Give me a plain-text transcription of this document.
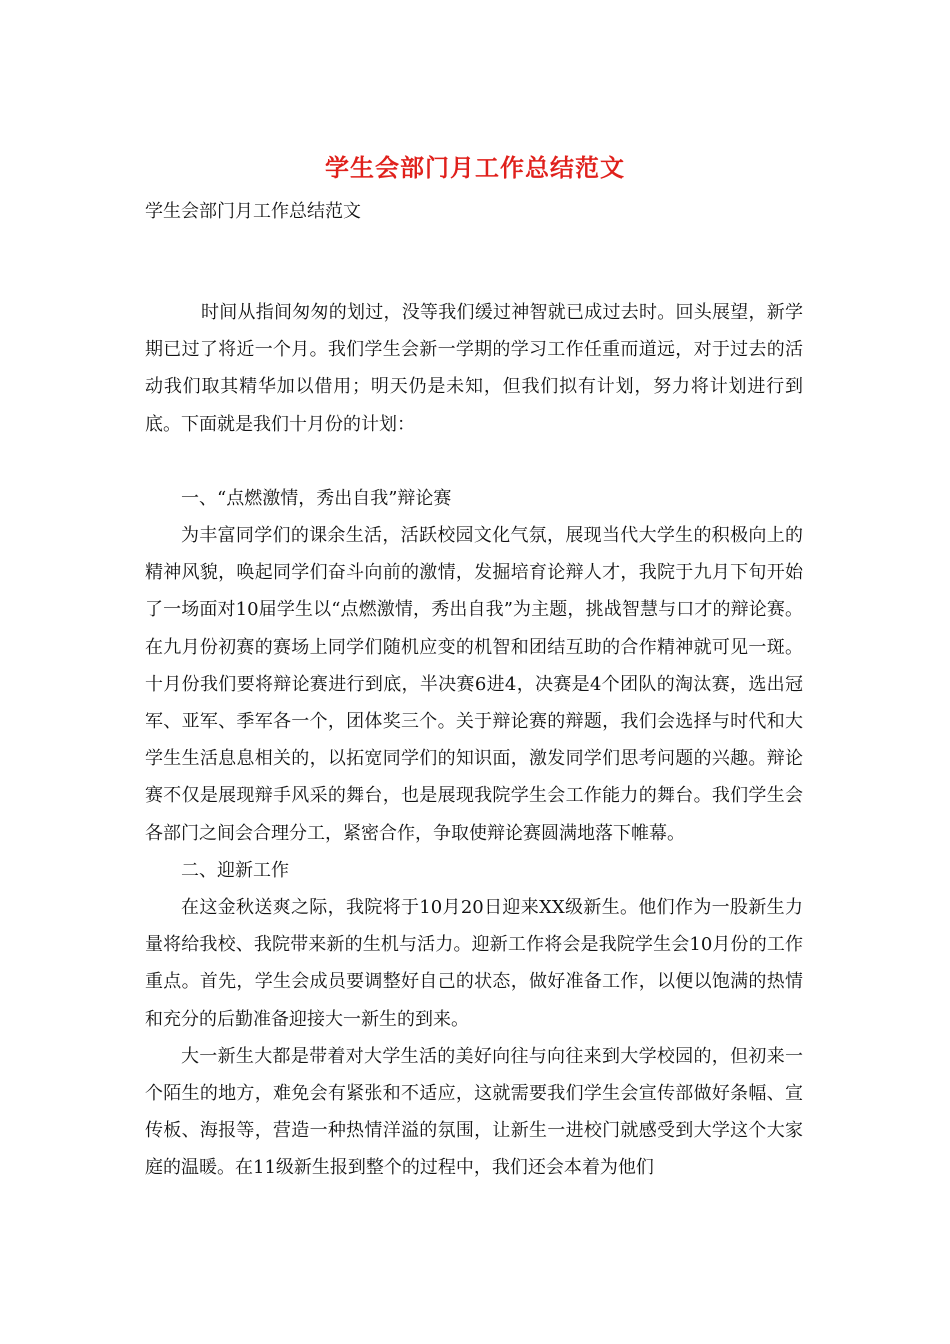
学生会部门月工作总结范文

学生会部门月工作总结范文

时间从指间匆匆的划过，没等我们缓过神智就已成过去时。回头展望，新学期已过了将近一个月。我们学生会新一学期的学习工作任重而道远，对于过去的活动我们取其精华加以借用；明天仍是未知，但我们拟有计划，努力将计划进行到底。下面就是我们十月份的计划：

一、“点燃激情，秀出自我”辩论赛

为丰富同学们的课余生活，活跃校园文化气氛，展现当代大学生的积极向上的精神风貌，唤起同学们奋斗向前的激情，发掘培育论辩人才，我院于九月下旬开始了一场面对10届学生以“点燃激情，秀出自我”为主题，挑战智慧与口才的辩论赛。在九月份初赛的赛场上同学们随机应变的机智和团结互助的合作精神就可见一斑。十月份我们要将辩论赛进行到底，半决赛6进4，决赛是4个团队的淘汰赛，选出冠军、亚军、季军各一个，团体奖三个。关于辩论赛的辩题，我们会选择与时代和大学生生活息息相关的，以拓宽同学们的知识面，激发同学们思考问题的兴趣。辩论赛不仅是展现辩手风采的舞台，也是展现我院学生会工作能力的舞台。我们学生会各部门之间会合理分工，紧密合作，争取使辩论赛圆满地落下帷幕。

二、迎新工作

在这金秋送爽之际，我院将于10月20日迎来XX级新生。他们作为一股新生力量将给我校、我院带来新的生机与活力。迎新工作将会是我院学生会10月份的工作重点。首先，学生会成员要调整好自己的状态，做好准备工作，以便以饱满的热情和充分的后勤准备迎接大一新生的到来。

大一新生大都是带着对大学生活的美好向往与向往来到大学校园的，但初来一个陌生的地方，难免会有紧张和不适应，这就需要我们学生会宣传部做好条幅、宣传板、海报等，营造一种热情洋溢的氛围，让新生一进校门就感受到大学这个大家庭的温暖。在11级新生报到整个的过程中，我们还会本着为他们
